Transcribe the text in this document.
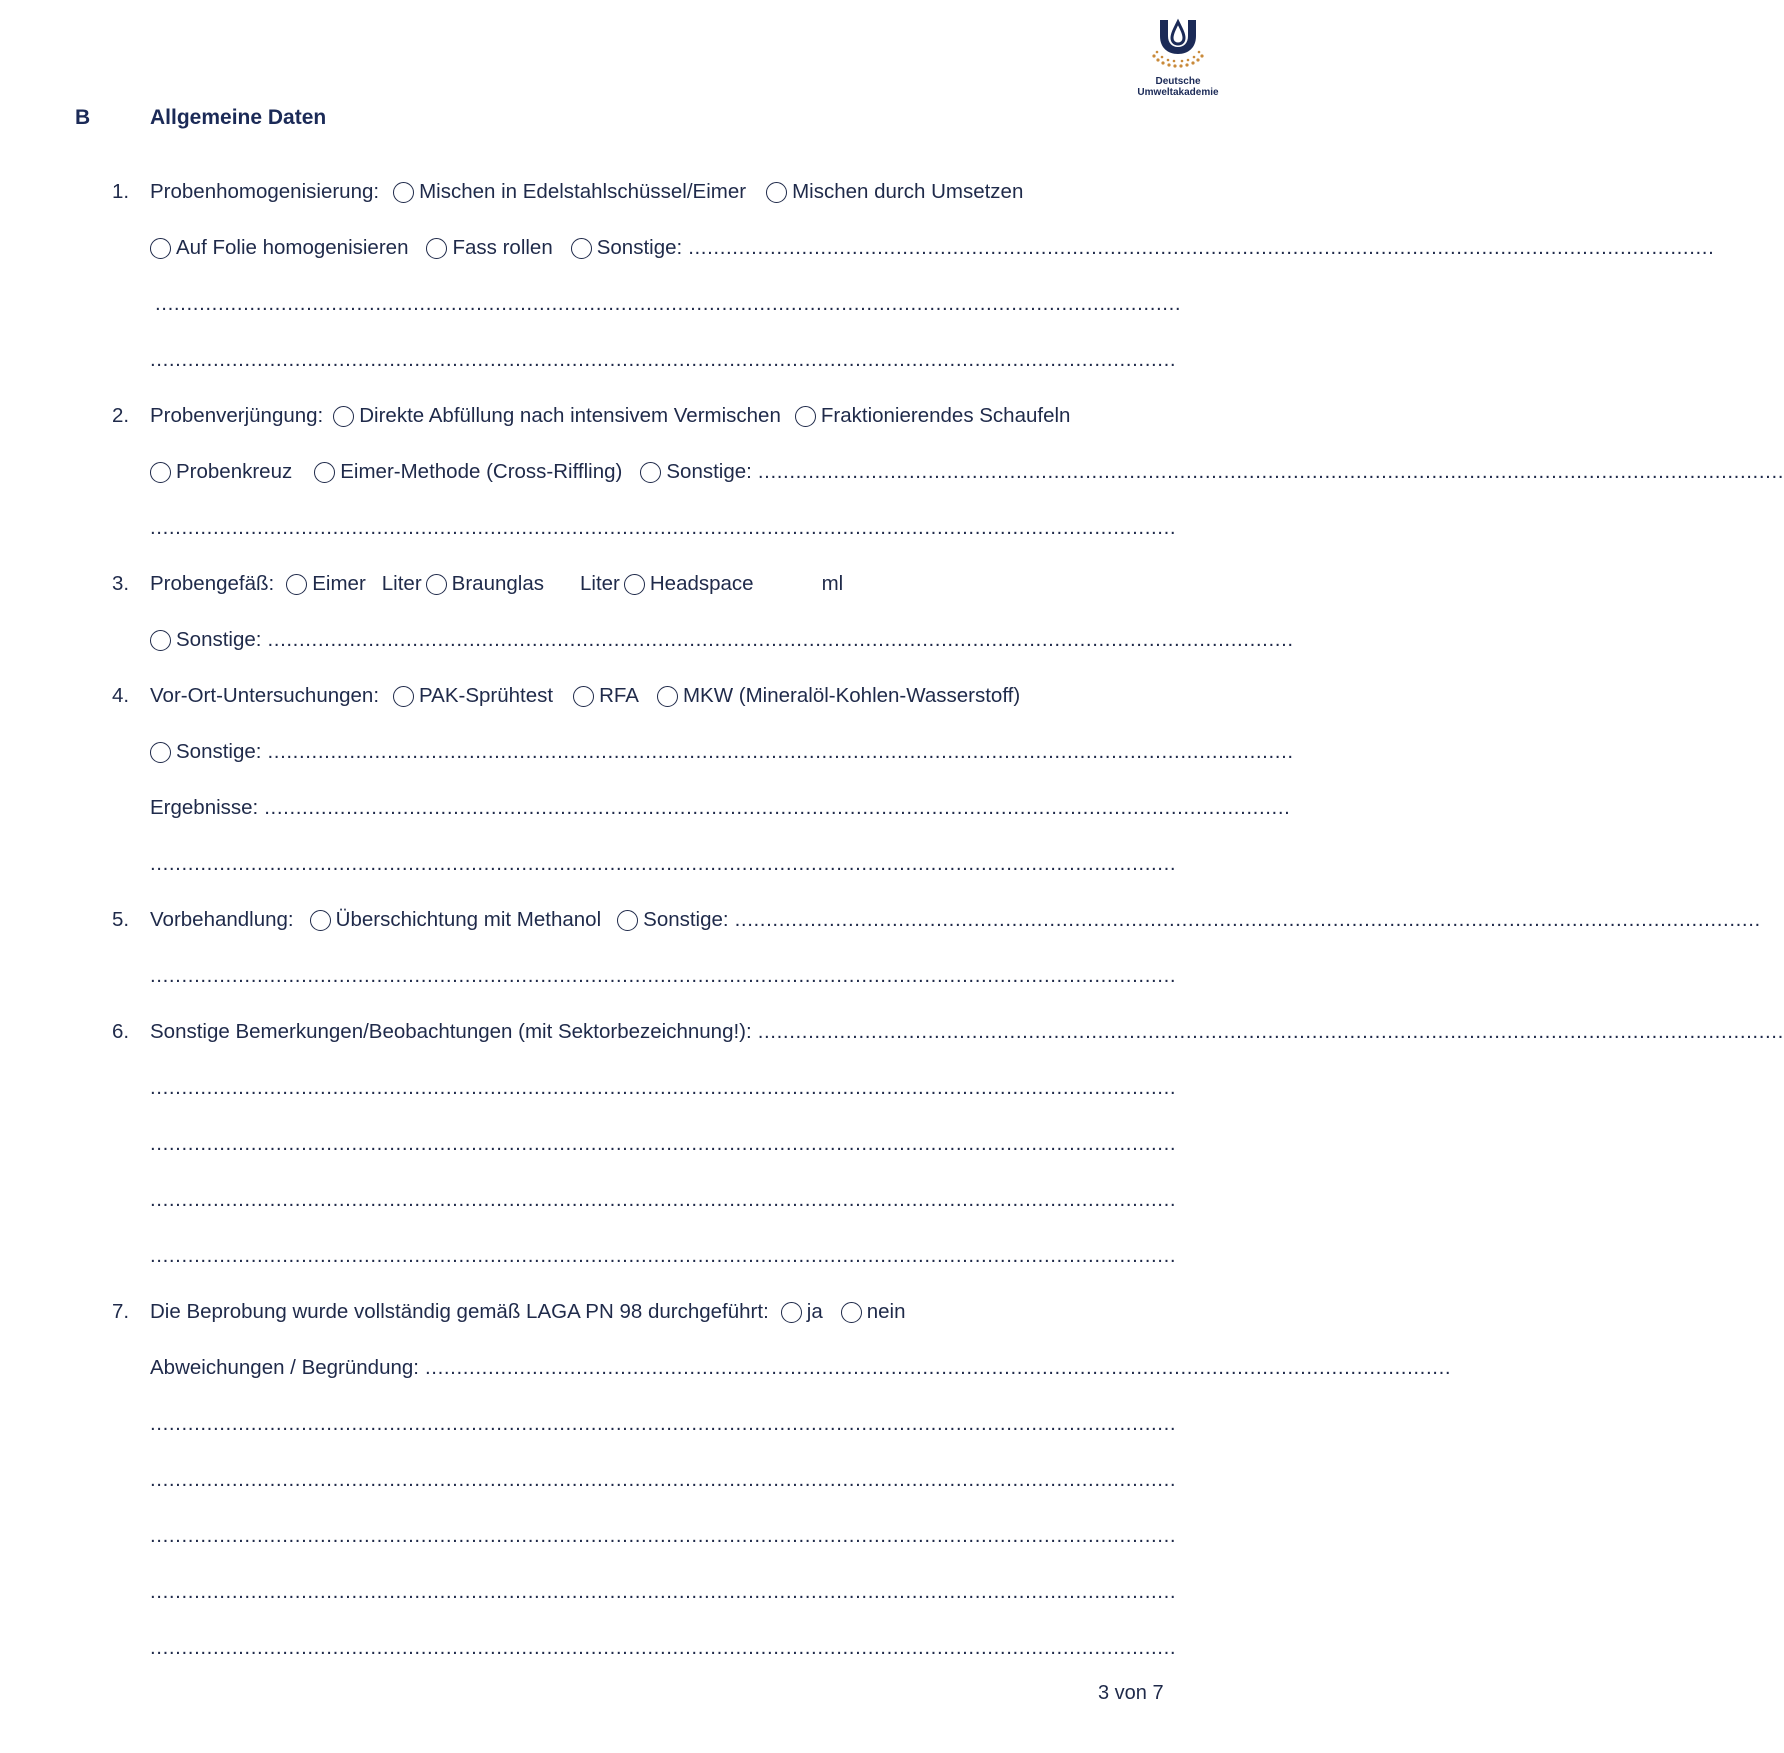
Deutsche
Umweltakademie
B	Allgemeine Daten
1. Probenhomogenisierung: Mischen in Edelstahlschüssel/Eimer Mischen durch Umsetzen
Auf Folie homogenisieren Fass rollen Sonstige: ...................................................................................................................................................................
...................................................................................................................................................................
...................................................................................................................................................................
2. Probenverjüngung: Direkte Abfüllung nach intensivem Vermischen Fraktionierendes Schaufeln
Probenkreuz Eimer-Methode (Cross-Riffling) Sonstige: ...................................................................................................................................................................
...................................................................................................................................................................
3. Probengefäß: Eimer Liter Braunglas Liter Headspace	ml
Sonstige: ...................................................................................................................................................................
4. Vor-Ort-Untersuchungen: PAK-Sprühtest RFA MKW (Mineralöl-Kohlen-Wasserstoff)
Sonstige: ...................................................................................................................................................................
Ergebnisse: ...................................................................................................................................................................
...................................................................................................................................................................
5. Vorbehandlung: Überschichtung mit Methanol Sonstige: ...................................................................................................................................................................
...................................................................................................................................................................
6. Sonstige Bemerkungen/Beobachtungen (mit Sektorbezeichnung!): ...................................................................................................................................................................
...................................................................................................................................................................
...................................................................................................................................................................
...................................................................................................................................................................
...................................................................................................................................................................
7. Die Beprobung wurde vollständig gemäß LAGA PN 98 durchgeführt: ja nein
Abweichungen / Begründung: ...................................................................................................................................................................
...................................................................................................................................................................
...................................................................................................................................................................
...................................................................................................................................................................
...................................................................................................................................................................
...................................................................................................................................................................
3 von 7
